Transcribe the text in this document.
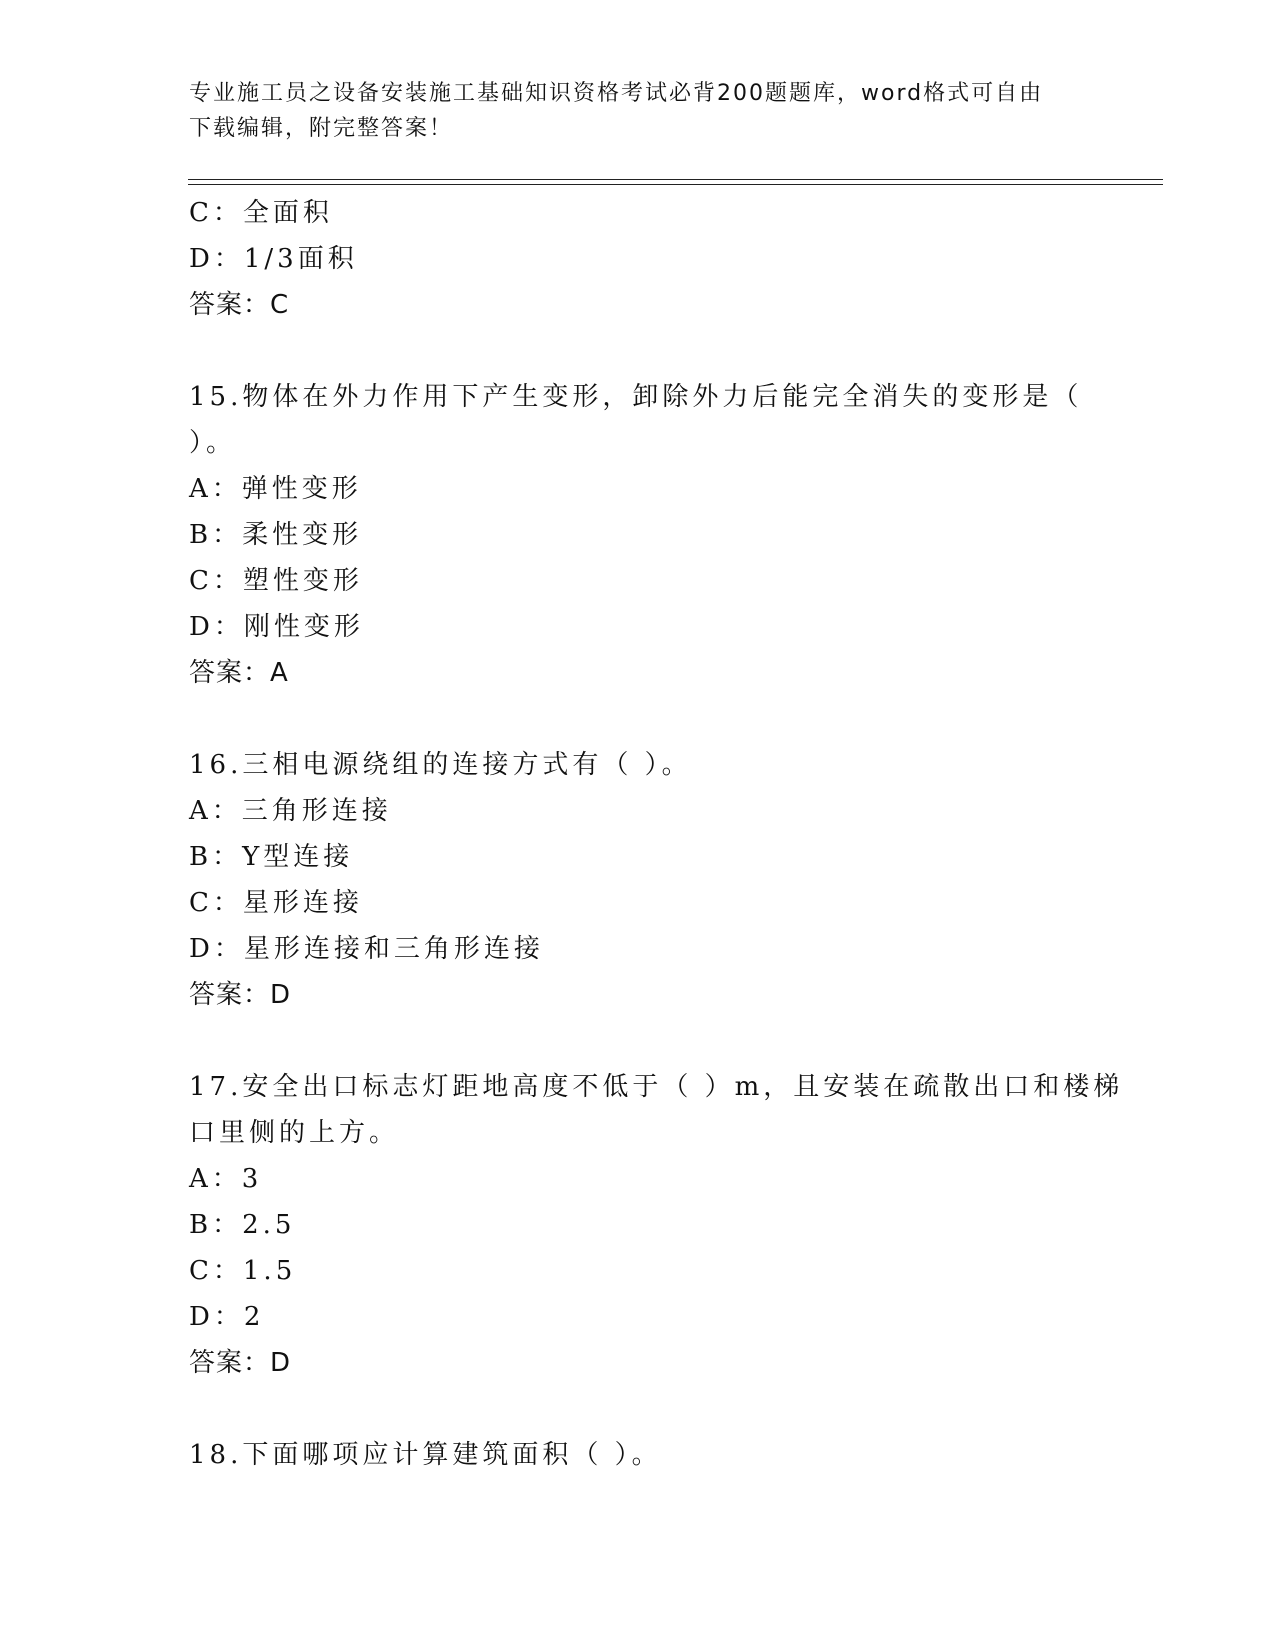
专业施工员之设备安装施工基础知识资格考试必背200题题库，word格式可自由
下载编辑，附完整答案！
C：全面积
D：1/3面积
答案：C
15.物体在外力作用下产生变形，卸除外力后能完全消失的变形是（
）。
A：弹性变形
B：柔性变形
C：塑性变形
D：刚性变形
答案：A
16.三相电源绕组的连接方式有（ ）。
A：三角形连接
B：Y型连接
C：星形连接
D：星形连接和三角形连接
答案：D
17.安全出口标志灯距地高度不低于（ ）m，且安装在疏散出口和楼梯
口里侧的上方。
A：3
B：2.5
C：1.5
D：2
答案：D
18.下面哪项应计算建筑面积（ ）。
